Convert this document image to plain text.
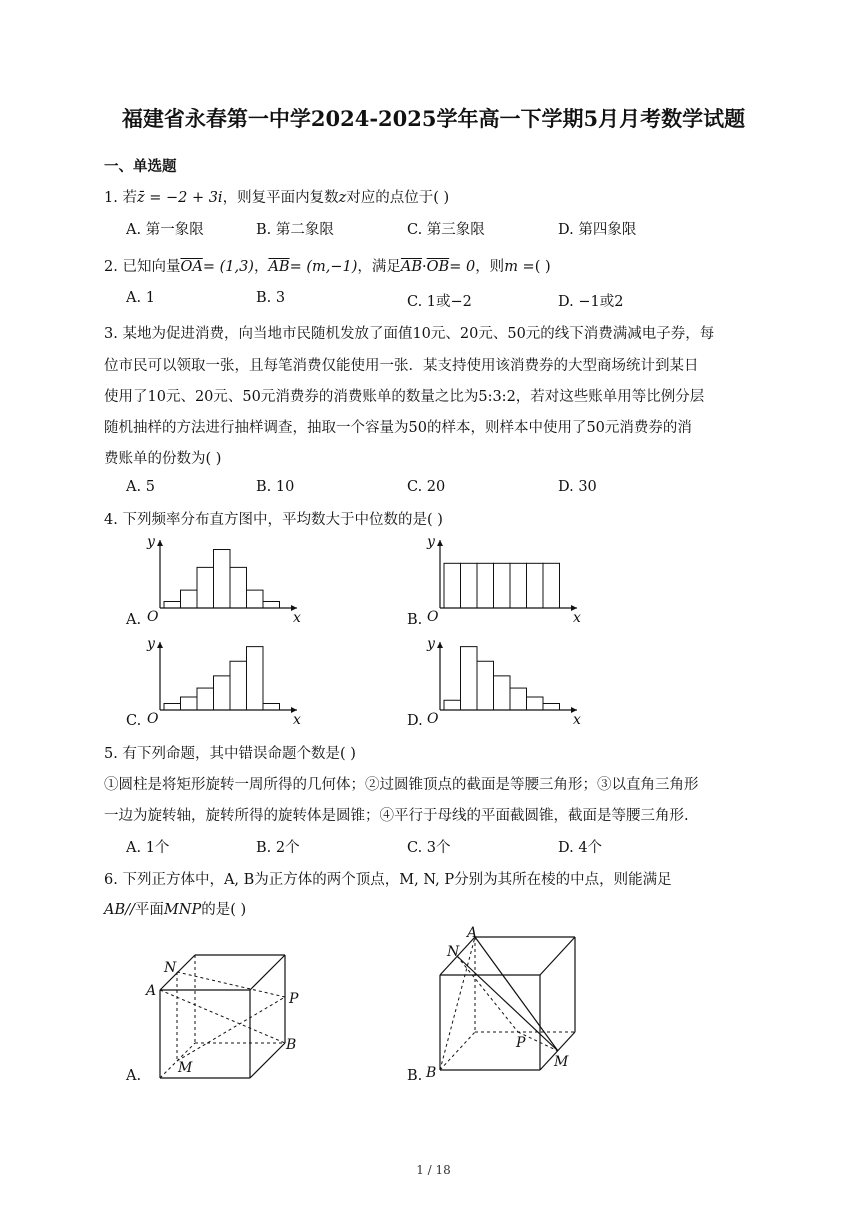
福建省永春第一中学2024-2025学年高一下学期5月月考数学试题
一、单选题
1. 若z̄ = −2 + 3i，则复平面内复数z对应的点位于( )
A. 第一象限	B. 第二象限	C. 第三象限	D. 第四象限
2. 已知向量$\overline{OA}= (1,3)$，$\overline{AB}= (m,-1)$，满足$\overline{AB}\cdot\overline{OB}= 0$，则m =( )
A. 1	B. 3	C. 1或−2	D. −1或2
3. 某地为促进消费，向当地市民随机发放了面值10元、20元、50元的线下消费满减电子券，每
位市民可以领取一张，且每笔消费仅能使用一张．某支持使用该消费券的大型商场统计到某日
使用了10元、20元、50元消费券的消费账单的数量之比为5:3:2，若对这些账单用等比例分层
随机抽样的方法进行抽样调查，抽取一个容量为50的样本，则样本中使用了50元消费券的消
费账单的份数为( )
A. 5	B. 10	C. 20	D. 30
4. 下列频率分布直方图中，平均数大于中位数的是( )
A.	B.
C.	D.
y
x
O
y
x
O
y
x
O
y
x
O
5. 有下列命题，其中错误命题个数是( )
①圆柱是将矩形旋转一周所得的几何体；②过圆锥顶点的截面是等腰三角形；③以直角三角形
一边为旋转轴，旋转所得的旋转体是圆锥；④平行于母线的平面截圆锥，截面是等腰三角形.
A. 1个	B. 2个	C. 3个	D. 4个
6. 下列正方体中，A, B为正方体的两个顶点，M, N, P分别为其所在棱的中点，则能满足
AB//平面MNP的是( )
A.	B.
N
A	P
B
M
A
N
P
M
B
1 / 18
